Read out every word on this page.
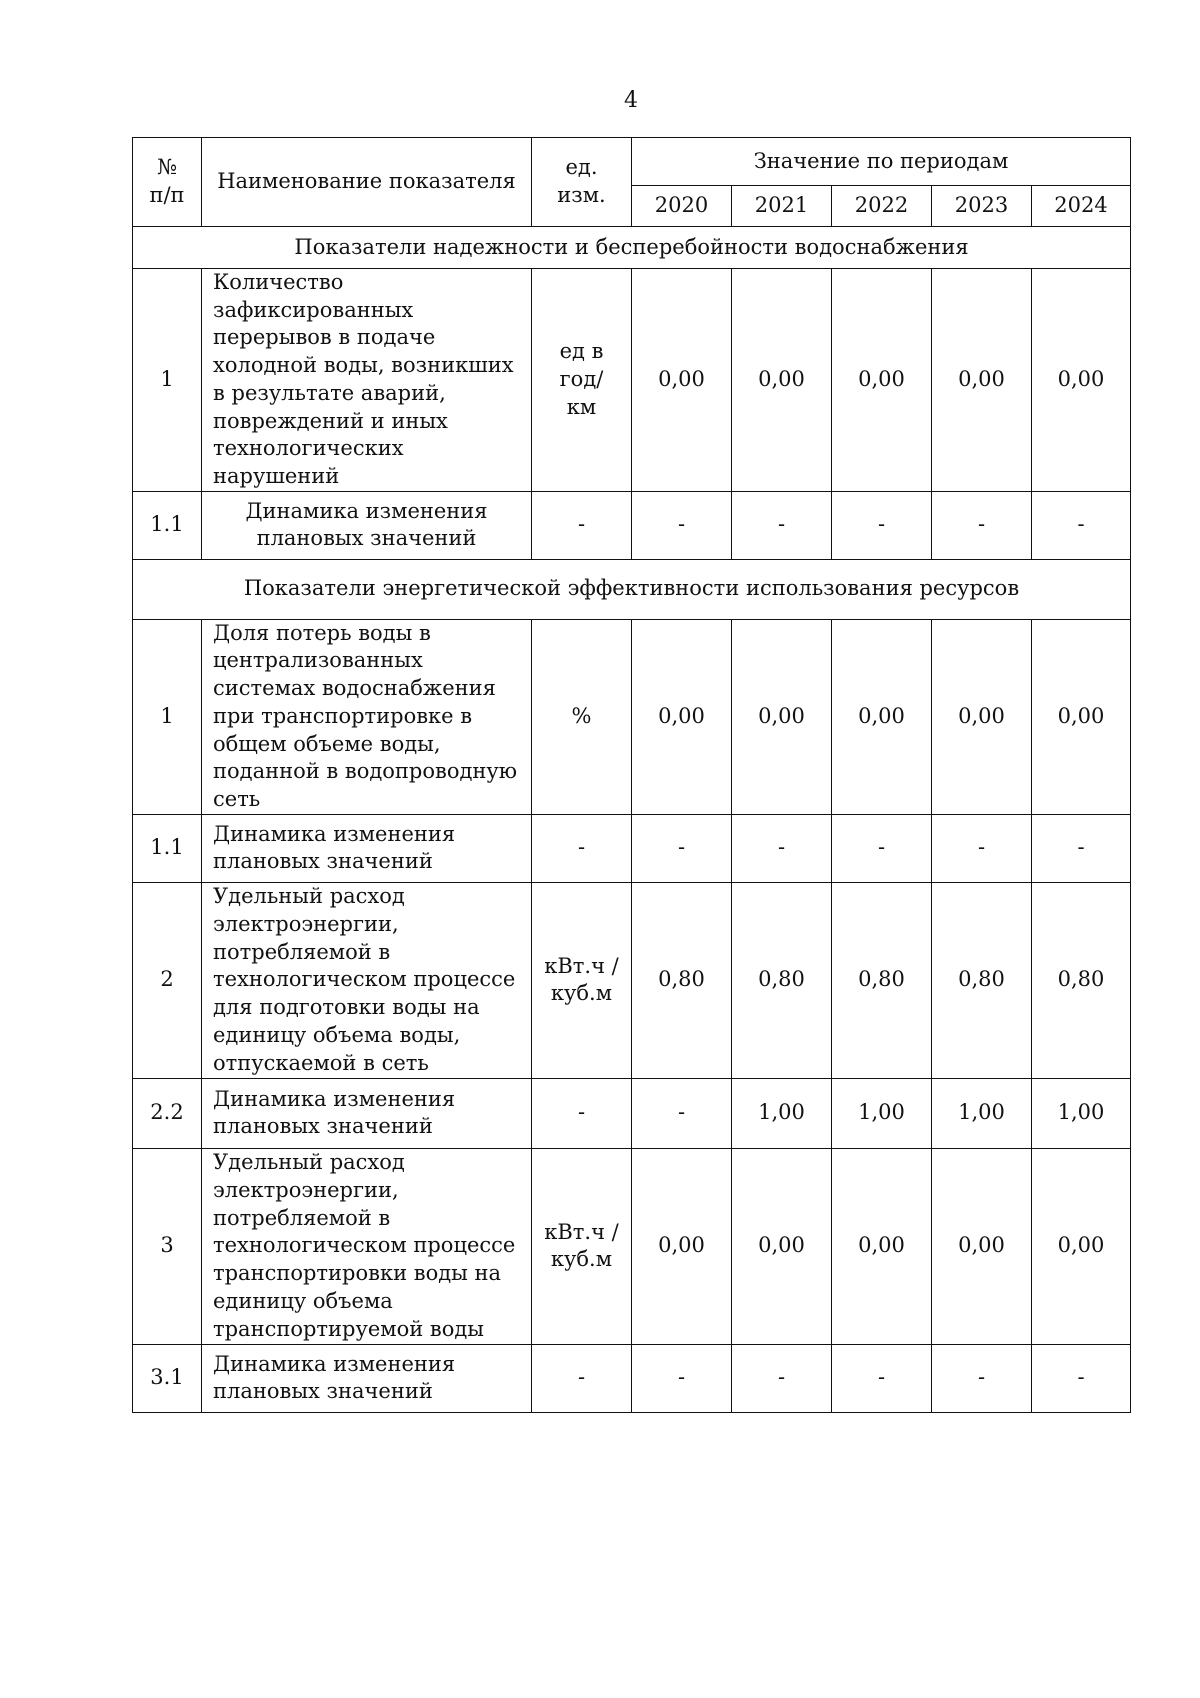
4
№ п/п	Наименование показателя	ед. изм.	Значение по периодам				
			2020	2021	2022	2023	2024
Показатели надежности и бесперебойности водоснабжения							
1	Количество зафиксированных перерывов в подаче холодной воды, возникших в результате аварий, повреждений и иных технологических нарушений	ед в год/ км	0,00	0,00	0,00	0,00	0,00
1.1	Динамика изменения плановых значений	-	-	-	-	-	-
Показатели энергетической эффективности использования ресурсов							
1	Доля потерь воды в централизованных системах водоснабжения при транспортировке в общем объеме воды, поданной в водопроводную сеть	%	0,00	0,00	0,00	0,00	0,00
1.1	Динамика изменения плановых значений	-	-	-	-	-	-
2	Удельный расход электроэнергии, потребляемой в технологическом процессе для подготовки воды на единицу объема воды, отпускаемой в сеть	кВт.ч / куб.м	0,80	0,80	0,80	0,80	0,80
2.2	Динамика изменения плановых значений	-	-	1,00	1,00	1,00	1,00
3	Удельный расход электроэнергии, потребляемой в технологическом процессе транспортировки воды на единицу объема транспортируемой воды	кВт.ч / куб.м	0,00	0,00	0,00	0,00	0,00
3.1	Динамика изменения плановых значений	-	-	-	-	-	-
